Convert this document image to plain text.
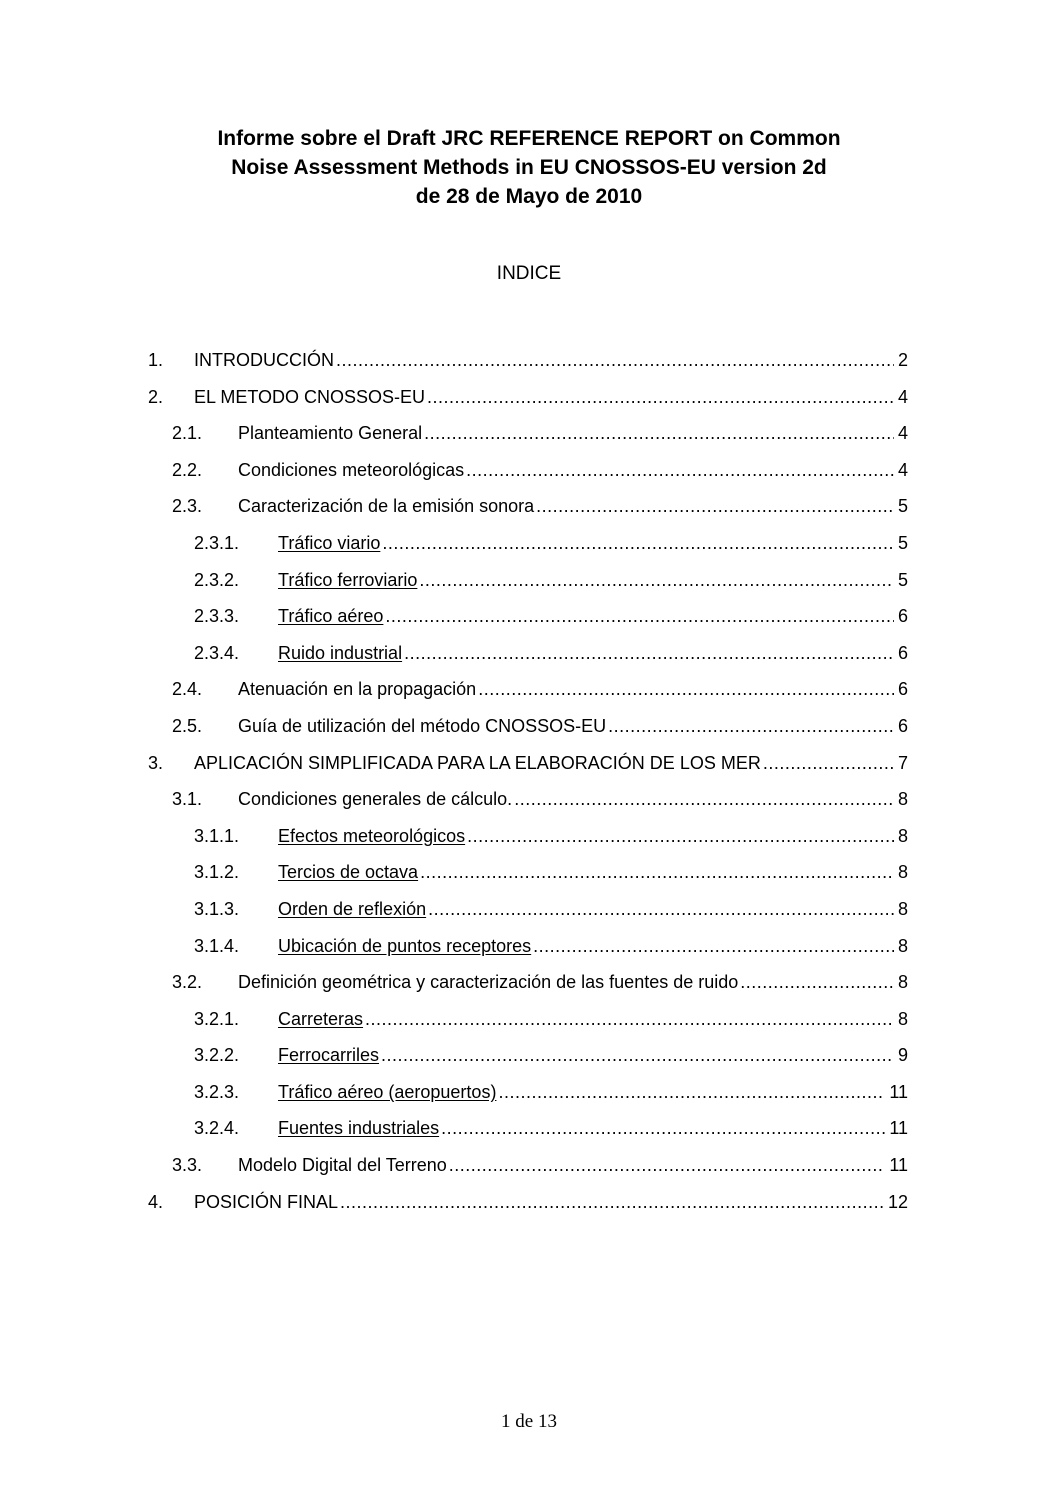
Informe sobre el Draft JRC REFERENCE REPORT on Common
Noise Assessment Methods in EU CNOSSOS-EU version 2d
de 28 de Mayo de 2010
INDICE
1.	INTRODUCCIÓN .....	2
2.	EL METODO CNOSSOS-EU .....	4
2.1.	Planteamiento General .....	4
2.2.	Condiciones meteorológicas .....	4
2.3.	Caracterización de la emisión sonora .....	5
2.3.1.	Tráfico viario .....	5
2.3.2.	Tráfico ferroviario .....	5
2.3.3.	Tráfico aéreo .....	6
2.3.4.	Ruido industrial .....	6
2.4.	Atenuación en la propagación .....	6
2.5.	Guía de utilización del método CNOSSOS-EU .....	6
3.	APLICACIÓN SIMPLIFICADA PARA LA ELABORACIÓN DE LOS MER .....	7
3.1.	Condiciones generales de cálculo. .....	8
3.1.1.	Efectos meteorológicos .....	8
3.1.2.	Tercios de octava .....	8
3.1.3.	Orden de reflexión .....	8
3.1.4.	Ubicación de puntos receptores .....	8
3.2.	Definición geométrica y caracterización de las fuentes de ruido .....	8
3.2.1.	Carreteras .....	8
3.2.2.	Ferrocarriles .....	9
3.2.3.	Tráfico aéreo (aeropuertos) .....	11
3.2.4.	Fuentes industriales .....	11
3.3.	Modelo Digital del Terreno .....	11
4.	POSICIÓN FINAL .....	12
1 de 13
